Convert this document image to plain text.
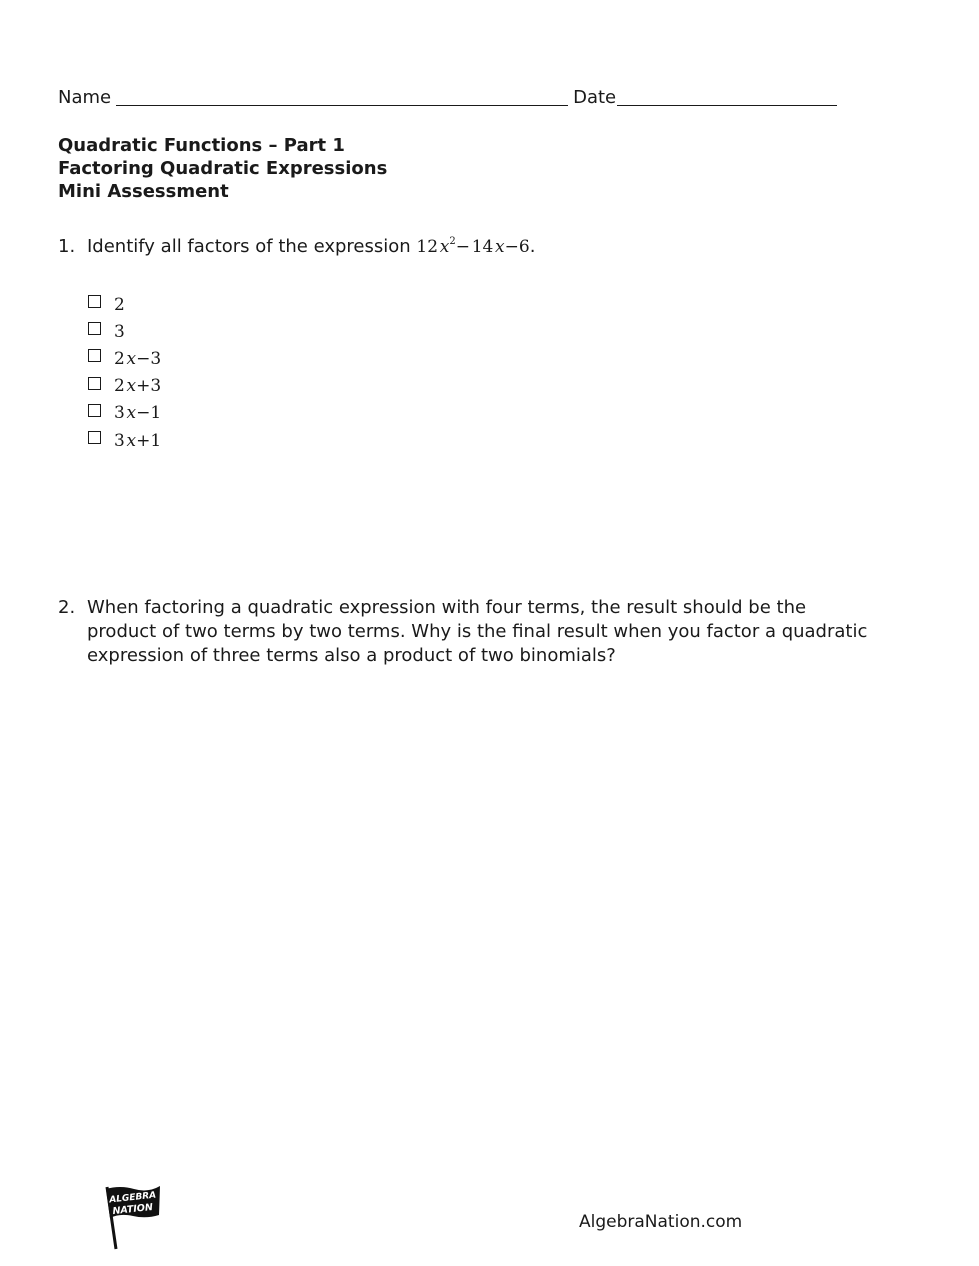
Name	Date
Quadratic Functions – Part 1
Factoring Quadratic Expressions
Mini Assessment
1. Identify all factors of the expression 12  $x^2-$  14  x−6.
2
3
2  x−3
2  x+3
3  x−1
3  x+1
2. When factoring a quadratic expression with four terms, the result should be the product of two terms by two terms. Why is the final result when you factor a quadratic expression of three terms also a product of two binomials?
ALGEBRA
NATION
AlgebraNation.com
